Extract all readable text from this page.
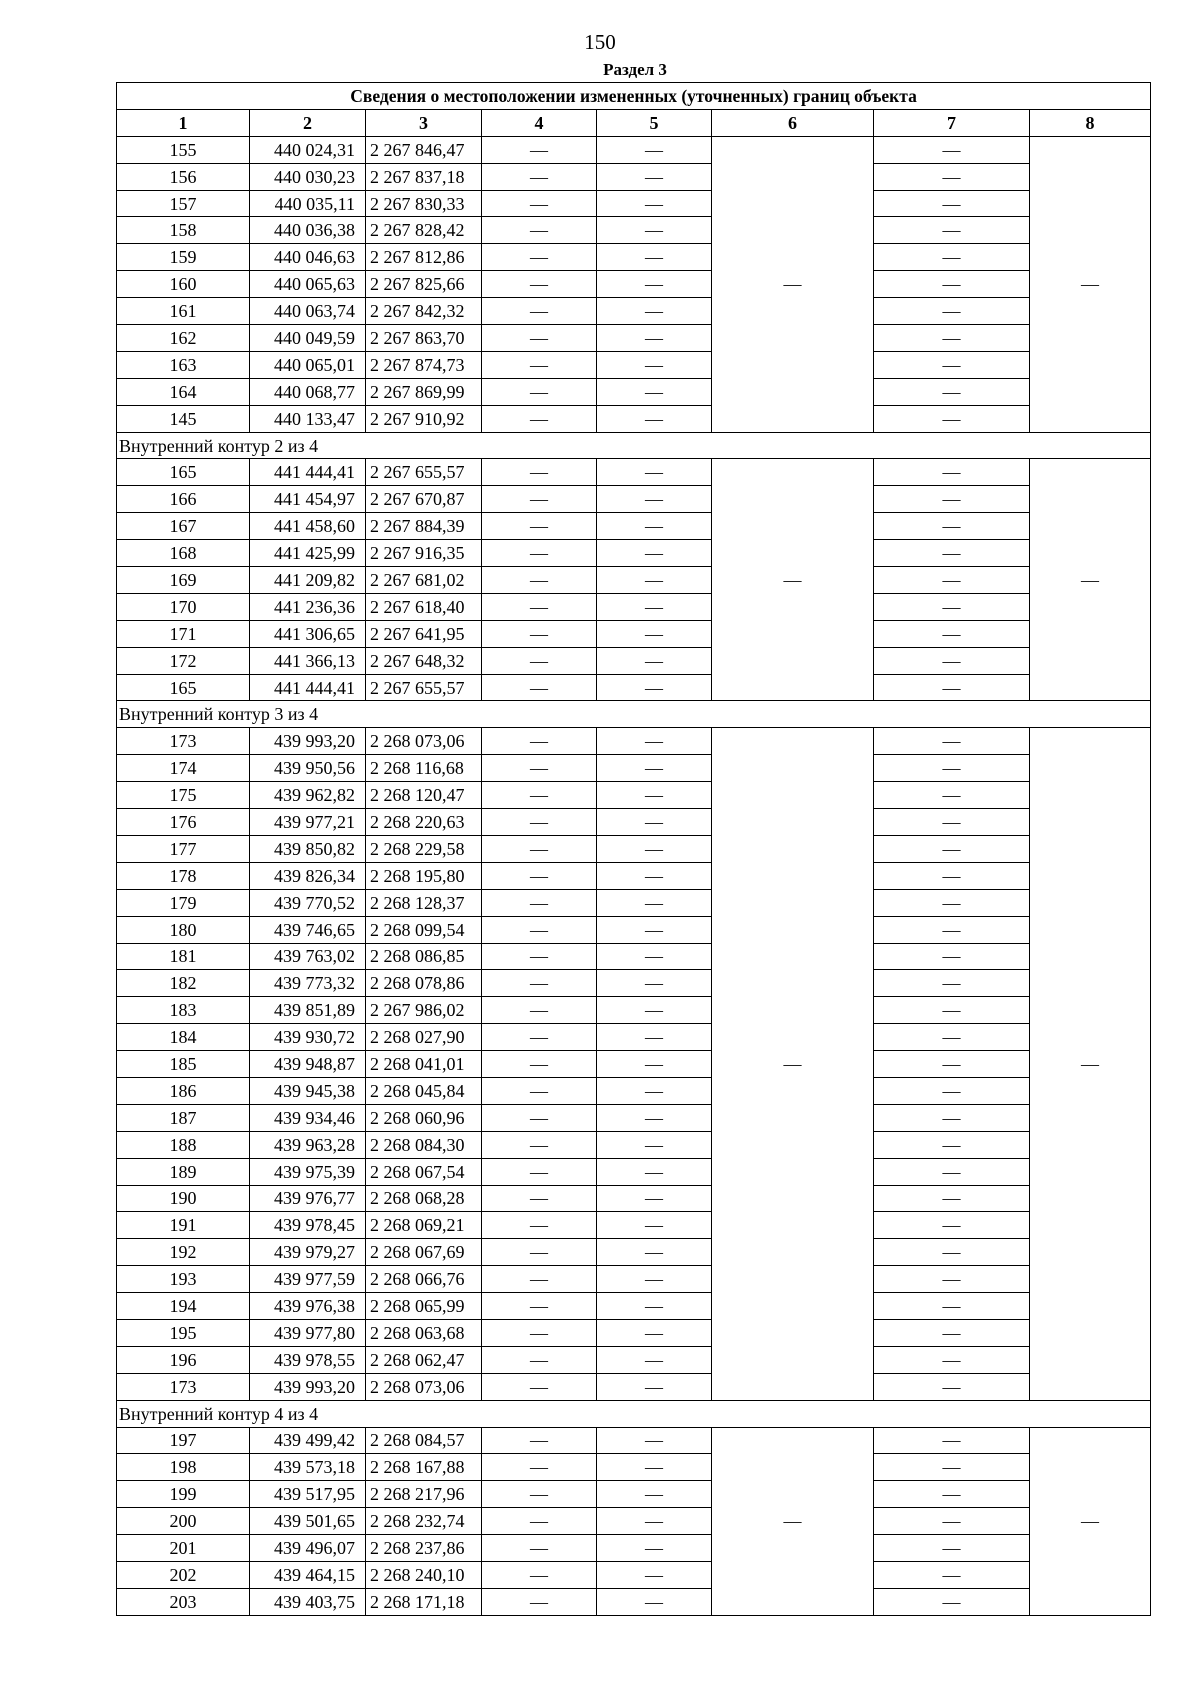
150
Раздел 3
Сведения о местоположении измененных (уточненных) границ объекта							
1	2	3	4	5	6	7	8
155	440 024,31	2 267 846,47	—	—	—	—	—
156	440 030,23	2 267 837,18	—	—		—	
157	440 035,11	2 267 830,33	—	—		—	
158	440 036,38	2 267 828,42	—	—		—	
159	440 046,63	2 267 812,86	—	—		—	
160	440 065,63	2 267 825,66	—	—		—	
161	440 063,74	2 267 842,32	—	—		—	
162	440 049,59	2 267 863,70	—	—		—	
163	440 065,01	2 267 874,73	—	—		—	
164	440 068,77	2 267 869,99	—	—		—	
145	440 133,47	2 267 910,92	—	—		—	
Внутренний контур 2 из 4							
165	441 444,41	2 267 655,57	—	—	—	—	—
166	441 454,97	2 267 670,87	—	—		—	
167	441 458,60	2 267 884,39	—	—		—	
168	441 425,99	2 267 916,35	—	—		—	
169	441 209,82	2 267 681,02	—	—		—	
170	441 236,36	2 267 618,40	—	—		—	
171	441 306,65	2 267 641,95	—	—		—	
172	441 366,13	2 267 648,32	—	—		—	
165	441 444,41	2 267 655,57	—	—		—	
Внутренний контур 3 из 4							
173	439 993,20	2 268 073,06	—	—	—	—	—
174	439 950,56	2 268 116,68	—	—		—	
175	439 962,82	2 268 120,47	—	—		—	
176	439 977,21	2 268 220,63	—	—		—	
177	439 850,82	2 268 229,58	—	—		—	
178	439 826,34	2 268 195,80	—	—		—	
179	439 770,52	2 268 128,37	—	—		—	
180	439 746,65	2 268 099,54	—	—		—	
181	439 763,02	2 268 086,85	—	—		—	
182	439 773,32	2 268 078,86	—	—		—	
183	439 851,89	2 267 986,02	—	—		—	
184	439 930,72	2 268 027,90	—	—		—	
185	439 948,87	2 268 041,01	—	—		—	
186	439 945,38	2 268 045,84	—	—		—	
187	439 934,46	2 268 060,96	—	—		—	
188	439 963,28	2 268 084,30	—	—		—	
189	439 975,39	2 268 067,54	—	—		—	
190	439 976,77	2 268 068,28	—	—		—	
191	439 978,45	2 268 069,21	—	—		—	
192	439 979,27	2 268 067,69	—	—		—	
193	439 977,59	2 268 066,76	—	—		—	
194	439 976,38	2 268 065,99	—	—		—	
195	439 977,80	2 268 063,68	—	—		—	
196	439 978,55	2 268 062,47	—	—		—	
173	439 993,20	2 268 073,06	—	—		—	
Внутренний контур 4 из 4							
197	439 499,42	2 268 084,57	—	—	—	—	—
198	439 573,18	2 268 167,88	—	—		—	
199	439 517,95	2 268 217,96	—	—		—	
200	439 501,65	2 268 232,74	—	—		—	
201	439 496,07	2 268 237,86	—	—		—	
202	439 464,15	2 268 240,10	—	—		—	
203	439 403,75	2 268 171,18	—	—		—	
